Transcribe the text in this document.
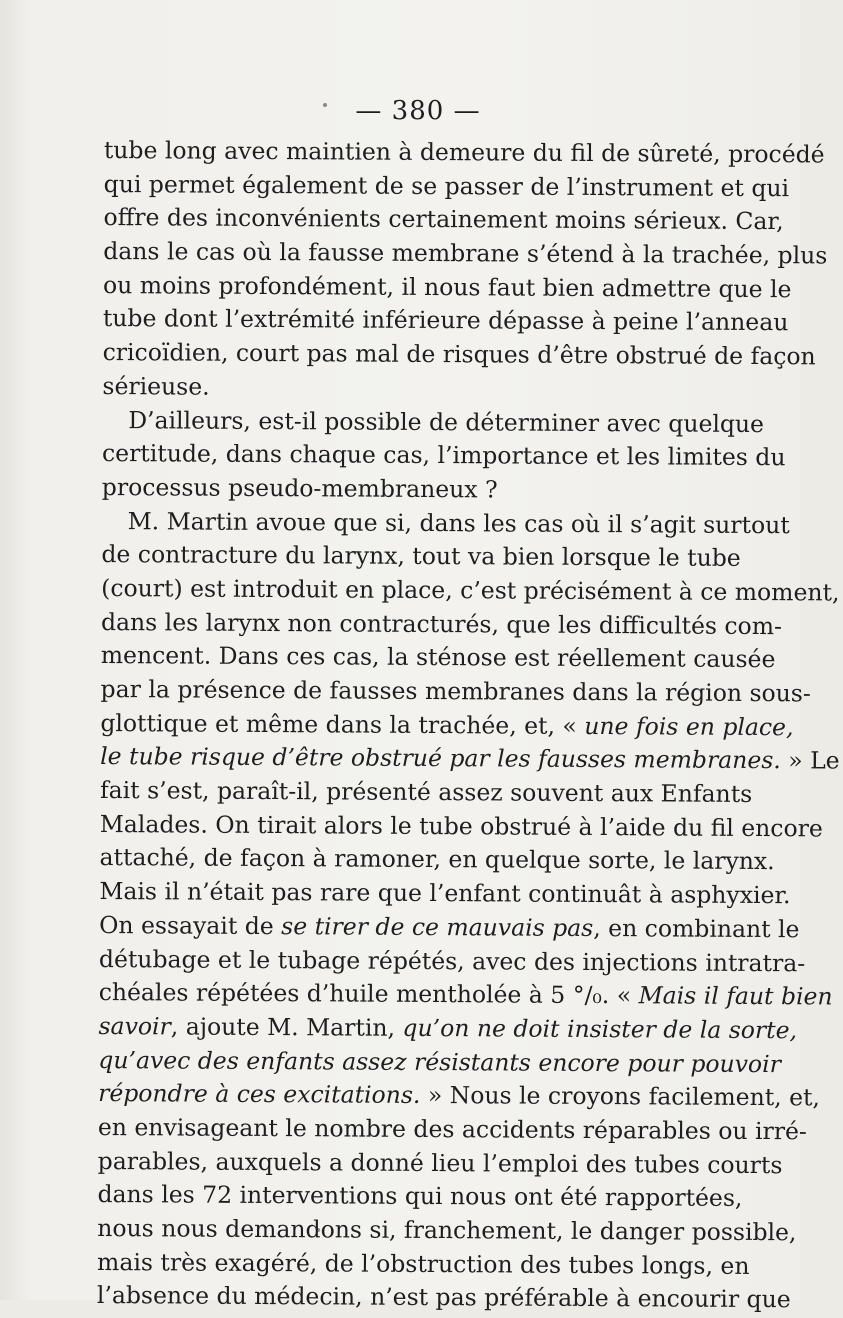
— 380 —
tube long avec maintien à demeure du fil de sûreté, procédé
qui permet également de se passer de l’instrument et qui
offre des inconvénients certainement moins sérieux. Car,
dans le cas où la fausse membrane s’étend à la trachée, plus
ou moins profondément, il nous faut bien admettre que le
tube dont l’extrémité inférieure dépasse à peine l’anneau
cricoïdien, court pas mal de risques d’être obstrué de façon
sérieuse.
D’ailleurs, est-il possible de déterminer avec quelque
certitude, dans chaque cas, l’importance et les limites du
processus pseudo-membraneux ?
M. Martin avoue que si, dans les cas où il s’agit surtout
de contracture du larynx, tout va bien lorsque le tube
(court) est introduit en place, c’est précisément à ce moment,
dans les larynx non contracturés, que les difficultés com-
mencent. Dans ces cas, la sténose est réellement causée
par la présence de fausses membranes dans la région sous-
glottique et même dans la trachée, et, « une fois en place,
le tube risque d’être obstrué par les fausses membranes. » Le
fait s’est, paraît-il, présenté assez souvent aux Enfants
Malades. On tirait alors le tube obstrué à l’aide du fil encore
attaché, de façon à ramoner, en quelque sorte, le larynx.
Mais il n’était pas rare que l’enfant continuât à asphyxier.
On essayait de se tirer de ce mauvais pas, en combinant le
détubage et le tubage répétés, avec des injections intratra-
chéales répétées d’huile mentholée à 5 °/₀. « Mais il faut bien
savoir, ajoute M. Martin, qu’on ne doit insister de la sorte,
qu’avec des enfants assez résistants encore pour pouvoir
répondre à ces excitations. » Nous le croyons facilement, et,
en envisageant le nombre des accidents réparables ou irré-
parables, auxquels a donné lieu l’emploi des tubes courts
dans les 72 interventions qui nous ont été rapportées,
nous nous demandons si, franchement, le danger possible,
mais très exagéré, de l’obstruction des tubes longs, en
l’absence du médecin, n’est pas préférable à encourir que
